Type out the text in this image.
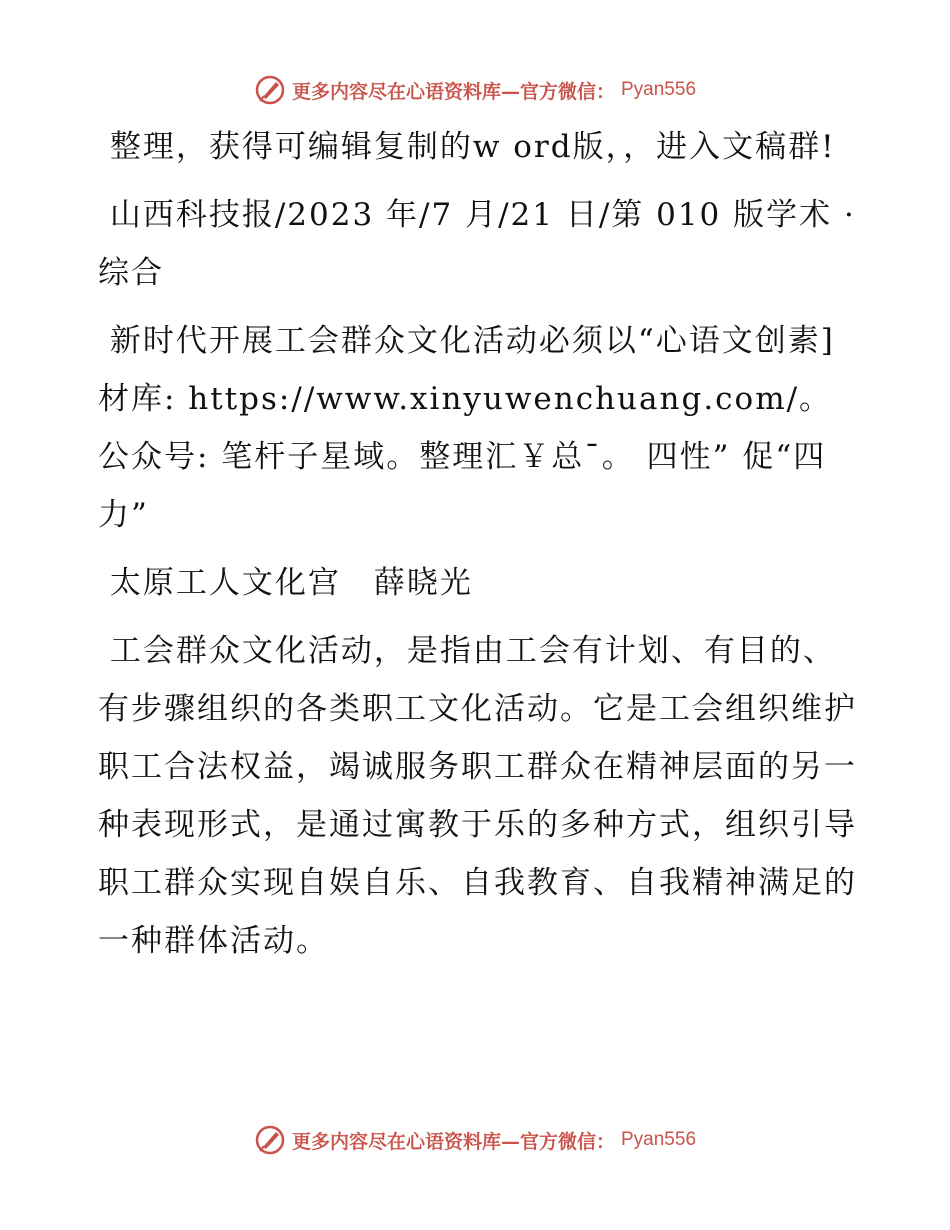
更多内容尽在心语资料库—官方微信： Pyan556

整理，获得可编辑复制的w ord版，，进入文稿群!

山西科技报/2023 年/7 月/21 日/第 010 版学术 · 综合

新时代开展工会群众文化活动必须以“心语文创素]材库: https://www.xinyuwenchuang.com/。公众号: 笔杆子星域。整理汇￥总¯。 四性” 促“四力”

太原工人文化宫　薛晓光

工会群众文化活动，是指由工会有计划、有目的、有步骤组织的各类职工文化活动。它是工会组织维护职工合法权益，竭诚服务职工群众在精神层面的另一种表现形式，是通过寓教于乐的多种方式，组织引导职工群众实现自娱自乐、自我教育、自我精神满足的一种群体活动。

更多内容尽在心语资料库—官方微信： Pyan556
